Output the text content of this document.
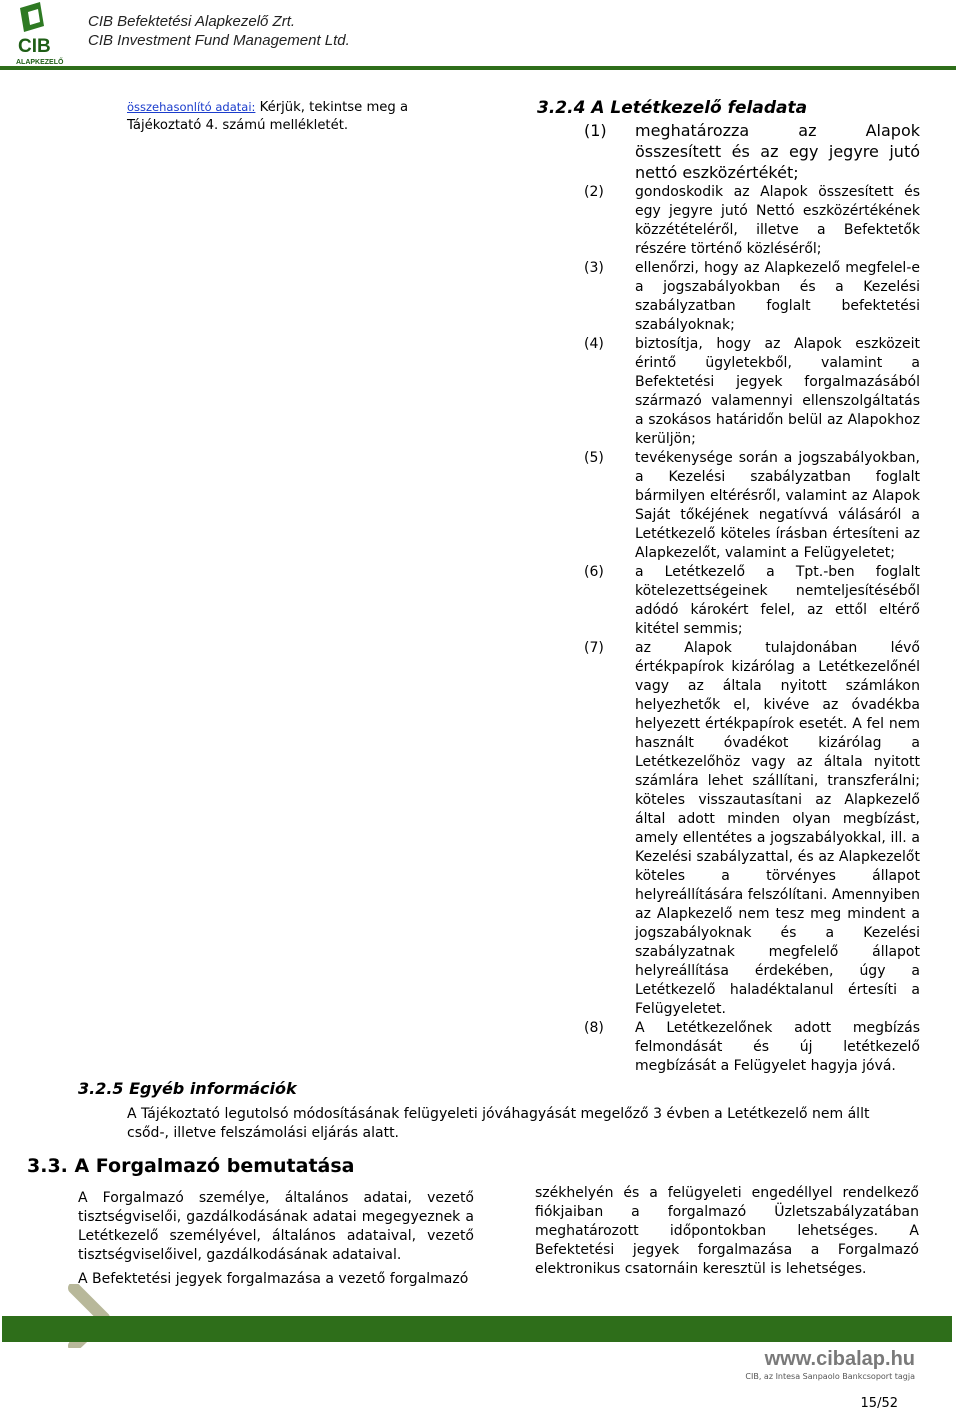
CIB
ALAPKEZELŐ
CIB Befektetési Alapkezelő Zrt.
CIB Investment Fund Management Ltd.
összehasonlító adatai: Kérjük, tekintse meg a Tájékoztató 4. számú mellékletét.
3.2.4 A Letétkezelő feladata
(1) meghatározza az Alapok összesített és az egy jegyre jutó nettó eszközértékét;
(2) gondoskodik az Alapok összesített és egy jegyre jutó Nettó eszközértékének közzétételéről, illetve a Befektetők részére történő közléséről;
(3) ellenőrzi, hogy az Alapkezelő megfelel-e a jogszabályokban és a Kezelési szabályzatban foglalt befektetési szabályoknak;
(4) biztosítja, hogy az Alapok eszközeit érintő ügyletekből, valamint a Befektetési jegyek forgalmazásából származó valamennyi ellenszolgáltatás a szokásos határidőn belül az Alapokhoz kerüljön;
(5) tevékenysége során a jogszabályokban, a Kezelési szabályzatban foglalt bármilyen eltérésről, valamint az Alapok Saját tőkéjének negatívvá válásáról a Letétkezelő köteles írásban értesíteni az Alapkezelőt, valamint a Felügyeletet;
(6) a Letétkezelő a Tpt.-ben foglalt kötelezettségeinek nemteljesítéséből adódó károkért felel, az ettől eltérő kitétel semmis;
(7) az Alapok tulajdonában lévő értékpapírok kizárólag a Letétkezelőnél vagy az általa nyitott számlákon helyezhetők el, kivéve az óvadékba helyezett értékpapírok esetét. A fel nem használt óvadékot kizárólag a Letétkezelőhöz vagy az általa nyitott számlára lehet szállítani, transzferálni; köteles visszautasítani az Alapkezelő által adott minden olyan megbízást, amely ellentétes a jogszabályokkal, ill. a Kezelési szabályzattal, és az Alapkezelőt köteles a törvényes állapot helyreállítására felszólítani. Amennyiben az Alapkezelő nem tesz meg mindent a jogszabályoknak és a Kezelési szabályzatnak megfelelő állapot helyreállítása érdekében, úgy a Letétkezelő haladéktalanul értesíti a Felügyeletet.
(8) A Letétkezelőnek adott megbízás felmondását és új letétkezelő megbízását a Felügyelet hagyja jóvá.
3.2.5 Egyéb információk
A Tájékoztató legutolsó módosításának felügyeleti jóváhagyását megelőző 3 évben a Letétkezelő nem állt csőd-, illetve felszámolási eljárás alatt.
3.3. A Forgalmazó bemutatása
A Forgalmazó személye, általános adatai, vezető tisztségviselői, gazdálkodásának adatai megegyeznek a Letétkezelő személyével, általános adataival, vezető tisztségviselőivel, gazdálkodásának adataival.
A Befektetési jegyek forgalmazása a vezető forgalmazó
székhelyén és a felügyeleti engedéllyel rendelkező fiókjaiban a forgalmazó Üzletszabályzatában meghatározott időpontokban lehetséges. A Befektetési jegyek forgalmazása a Forgalmazó elektronikus csatornáin keresztül is lehetséges.
www.cibalap.hu
CIB, az Intesa Sanpaolo Bankcsoport tagja
15/52
